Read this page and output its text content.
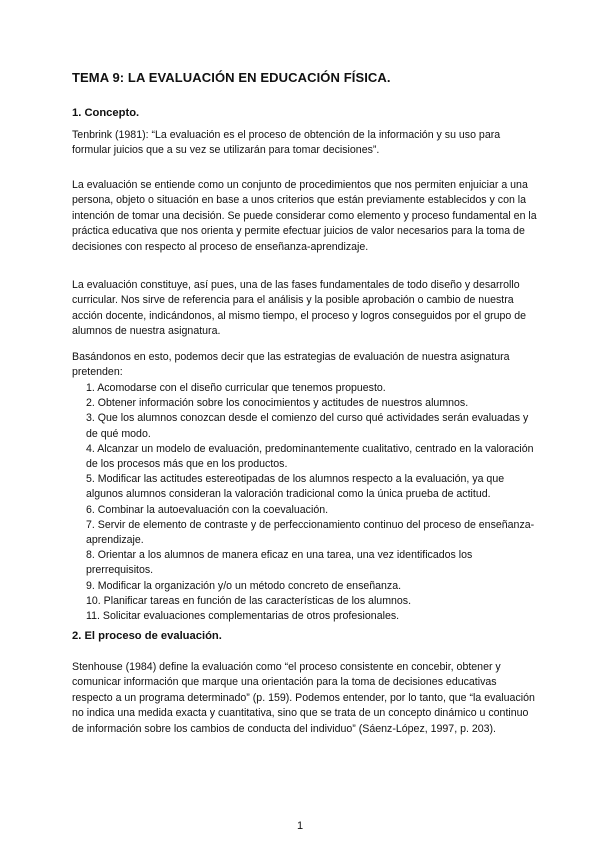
TEMA 9: LA EVALUACIÓN EN EDUCACIÓN FÍSICA.
1. Concepto.

Tenbrink (1981): “La evaluación es el proceso de obtención de la información y su uso para formular juicios que a su vez se utilizarán para tomar decisiones”.

La evaluación se entiende como un conjunto de procedimientos que nos permiten enjuiciar a una persona, objeto o situación en base a unos criterios que están previamente establecidos y con la intención de tomar una decisión. Se puede considerar como elemento y proceso fundamental en la práctica educativa que nos orienta y permite efectuar juicios de valor necesarios para la toma de decisiones con respecto al proceso de enseñanza-aprendizaje.

La evaluación constituye, así pues, una de las fases fundamentales de todo diseño y desarrollo curricular. Nos sirve de referencia para el análisis y la posible aprobación o cambio de nuestra acción docente, indicándonos, al mismo tiempo, el proceso y logros conseguidos por el grupo de alumnos de nuestra asignatura.

Basándonos en esto, podemos decir que las estrategias de evaluación de nuestra asignatura pretenden:

1. Acomodarse con el diseño curricular que tenemos propuesto.
2. Obtener información sobre los conocimientos y actitudes de nuestros alumnos.
3. Que los alumnos conozcan desde el comienzo del curso qué actividades serán evaluadas y de qué modo.
4. Alcanzar un modelo de evaluación, predominantemente cualitativo, centrado en la valoración de los procesos más que en los productos.
5. Modificar las actitudes estereotipadas de los alumnos respecto a la evaluación, ya que algunos alumnos consideran la valoración tradicional como la única prueba de actitud.
6. Combinar la autoevaluación con la coevaluación.
7. Servir de elemento de contraste y de perfeccionamiento continuo del proceso de enseñanza-aprendizaje.
8. Orientar a los alumnos de manera eficaz en una tarea, una vez identificados los prerrequisitos.
9. Modificar la organización y/o un método concreto de enseñanza.
10. Planificar tareas en función de las características de los alumnos.
11. Solicitar evaluaciones complementarias de otros profesionales.
2. El proceso de evaluación.

Stenhouse (1984) define la evaluación como “el proceso consistente en concebir, obtener y comunicar información que marque una orientación para la toma de decisiones educativas respecto a un programa determinado” (p. 159). Podemos entender, por lo tanto, que “la evaluación no indica una medida exacta y cuantitativa, sino que se trata de un concepto dinámico u continuo de información sobre los cambios de conducta del individuo” (Sáenz-López, 1997, p. 203).

1
